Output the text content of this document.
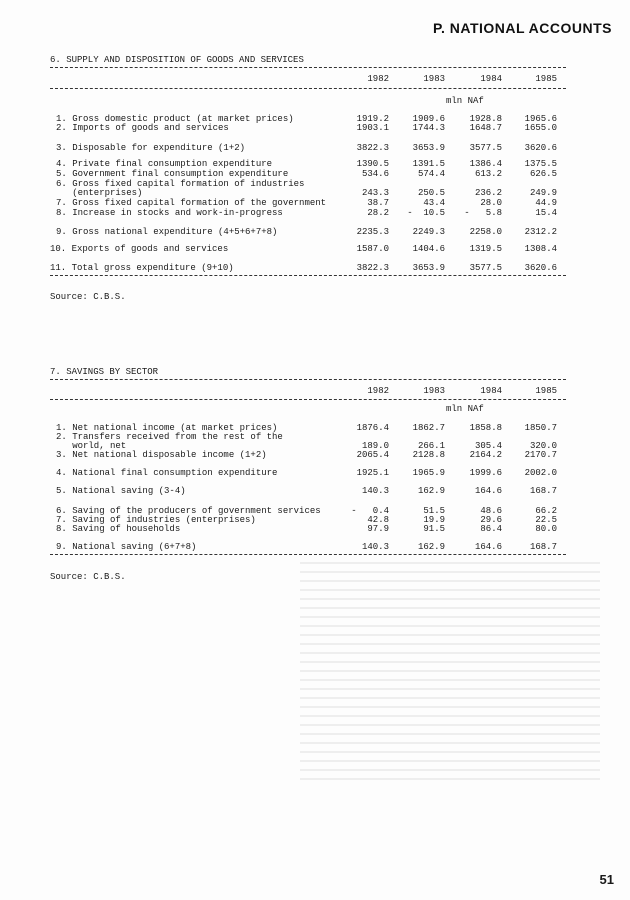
P. NATIONAL ACCOUNTS
6. SUPPLY AND DISPOSITION OF GOODS AND SERVICES
1982	1983	1984	1985
mln NAf
1. Gross domestic product (at market prices)	1919.2	1909.6	1928.8	1965.6
2. Imports of goods and services	1903.1	1744.3	1648.7	1655.0
3. Disposable for expenditure (1+2)	3822.3	3653.9	3577.5	3620.6
4. Private final consumption expenditure	1390.5	1391.5	1386.4	1375.5
5. Government final consumption expenditure	534.6	574.4	613.2	626.5
6. Gross fixed capital formation of industries
(enterprises)	243.3	250.5	236.2	249.9
7. Gross fixed capital formation of the government	38.7	43.4	28.0	44.9
8. Increase in stocks and work-in-progress	28.2	-  10.5	-   5.8	15.4
9. Gross national expenditure (4+5+6+7+8)	2235.3	2249.3	2258.0	2312.2
10. Exports of goods and services	1587.0	1404.6	1319.5	1308.4
11. Total gross expenditure (9+10)	3822.3	3653.9	3577.5	3620.6
Source: C.B.S.
7. SAVINGS BY SECTOR
1982	1983	1984	1985
mln NAf
1. Net national income (at market prices)	1876.4	1862.7	1858.8	1850.7
2. Transfers received from the rest of the
world, net	189.0	266.1	305.4	320.0
3. Net national disposable income (1+2)	2065.4	2128.8	2164.2	2170.7
4. National final consumption expenditure	1925.1	1965.9	1999.6	2002.0
5. National saving (3-4)	140.3	162.9	164.6	168.7
6. Saving of the producers of government services	-   0.4	51.5	48.6	66.2
7. Saving of industries (enterprises)	42.8	19.9	29.6	22.5
8. Saving of households	97.9	91.5	86.4	80.0
9. National saving (6+7+8)	140.3	162.9	164.6	168.7
Source: C.B.S.
51
